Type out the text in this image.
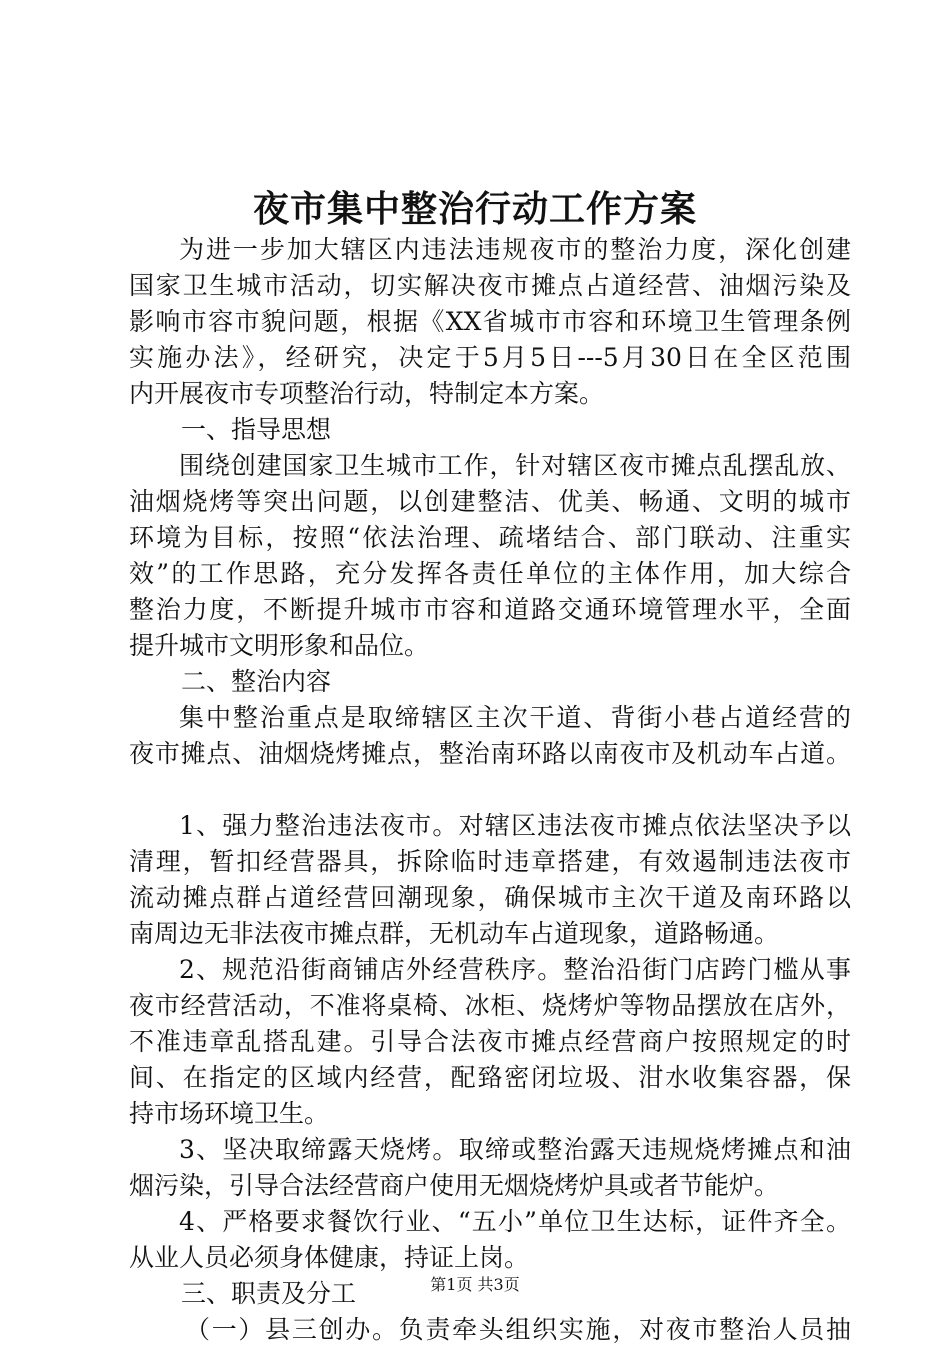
夜市集中整治行动工作方案
为进一步加大辖区内违法违规夜市的整治力度，深化创建
国家卫生城市活动，切实解决夜市摊点占道经营、油烟污染及
影响市容市貌问题，根据《XX省城市市容和环境卫生管理条例
实施办法》，经研究，决定于5月5日---5月30日在全区范围
内开展夜市专项整治行动，特制定本方案。
一、指导思想
围绕创建国家卫生城市工作，针对辖区夜市摊点乱摆乱放、
油烟烧烤等突出问题，以创建整洁、优美、畅通、文明的城市
环境为目标，按照“依法治理、疏堵结合、部门联动、注重实
效”的工作思路，充分发挥各责任单位的主体作用，加大综合
整治力度，不断提升城市市容和道路交通环境管理水平，全面
提升城市文明形象和品位。
二、整治内容
集中整治重点是取缔辖区主次干道、背街小巷占道经营的
夜市摊点、油烟烧烤摊点，整治南环路以南夜市及机动车占道。
1、强力整治违法夜市。对辖区违法夜市摊点依法坚决予以
清理，暂扣经营器具，拆除临时违章搭建，有效遏制违法夜市
流动摊点群占道经营回潮现象，确保城市主次干道及南环路以
南周边无非法夜市摊点群，无机动车占道现象，道路畅通。
2、规范沿街商铺店外经营秩序。整治沿街门店跨门槛从事
夜市经营活动，不准将桌椅、冰柜、烧烤炉等物品摆放在店外，
不准违章乱搭乱建。引导合法夜市摊点经营商户按照规定的时
间、在指定的区域内经营，配臵密闭垃圾、泔水收集容器，保
持市场环境卫生。
3、坚决取缔露天烧烤。取缔或整治露天违规烧烤摊点和油
烟污染，引导合法经营商户使用无烟烧烤炉具或者节能炉。
4、严格要求餐饮行业、“五小”单位卫生达标，证件齐全。
从业人员必须身体健康，持证上岗。
三、职责及分工
（一）县三创办。负责牵头组织实施，对夜市整治人员抽
第1页 共3页
